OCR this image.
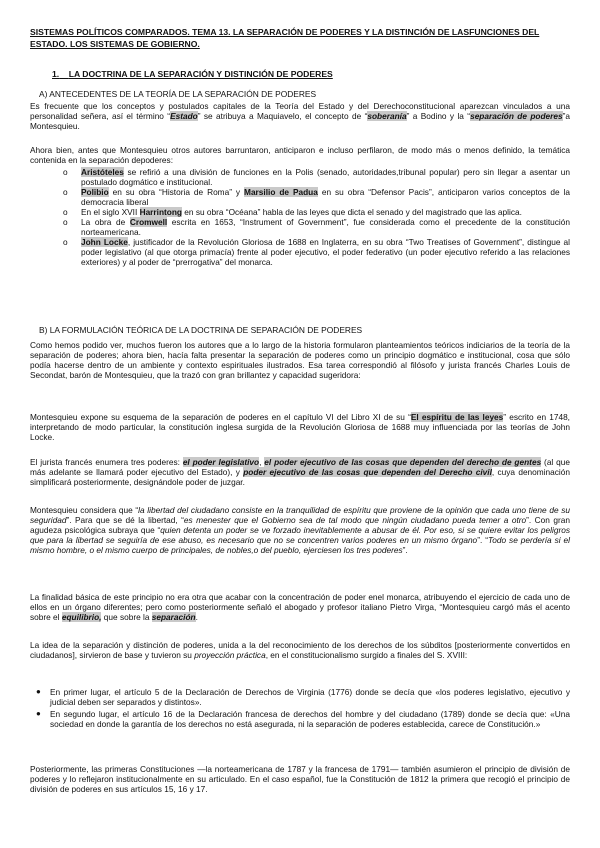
SISTEMAS POLÍTICOS COMPARADOS. TEMA 13. LA SEPARACIÓN DE PODERES Y LA DISTINCIÓN DE LASFUNCIONES DEL ESTADO. LOS SISTEMAS DE GOBIERNO.

1. LA DOCTRINA DE LA SEPARACIÓN Y DISTINCIÓN DE PODERES

A) ANTECEDENTES DE LA TEORÍA DE LA SEPARACIÓN DE PODERES

Es frecuente que los conceptos y postulados capitales de la Teoría del Estado y del Derechoconstitucional aparezcan vinculados a una personalidad señera, así el término “Estado” se atribuya a Maquiavelo, el concepto de “soberanía” a Bodino y la “separación de poderes”a Montesquieu.

Ahora bien, antes que Montesquieu otros autores barruntaron, anticiparon e incluso perfilaron, de modo más o menos definido, la temática contenida en la separación depoderes:

o Aristóteles se refirió a una división de funciones en la Polis (senado, autoridades,tribunal popular) pero sin llegar a asentar un postulado dogmático e institucional.
o Polibio en su obra “Historia de Roma” y Marsilio de Padua en su obra “Defensor Pacis”, anticiparon varios conceptos de la democracia liberal
o En el siglo XVII Harrintong en su obra “Océana” habla de las leyes que dicta el senado y del magistrado que las aplica.
o La obra de Cromwell escrita en 1653, “Instrument of Government”, fue considerada como el precedente de la constitución norteamericana.
o John Locke, justificador de la Revolución Gloriosa de 1688 en Inglaterra, en su obra “Two Treatises of Government”, distingue al poder legislativo (al que otorga primacía) frente al poder ejecutivo, el poder federativo (un poder ejecutivo referido a las relaciones exteriores) y al poder de “prerrogativa” del monarca.

B) LA FORMULACIÓN TEÓRICA DE LA DOCTRINA DE SEPARACIÓN DE PODERES

Como hemos podido ver, muchos fueron los autores que a lo largo de la historia formularon planteamientos teóricos indiciarios de la teoría de la separación de poderes; ahora bien, hacía falta presentar la separación de poderes como un principio dogmático e institucional, cosa que sólo podía hacerse dentro de un ambiente y contexto espirituales ilustrados. Esa tarea correspondió al filósofo y jurista francés Charles Louis de Secondat, barón de Montesquieu, que la trazó con gran brillantez y capacidad sugeridora:

Montesquieu expone su esquema de la separación de poderes en el capítulo VI del Libro XI de su “El espíritu de las leyes” escrito en 1748, interpretando de modo particular, la constitución inglesa surgida de la Revolución Gloriosa de 1688 muy influenciada por las teorías de John Locke.

El jurista francés enumera tres poderes: el poder legislativo, el poder ejecutivo de las cosas que dependen del derecho de gentes (al que más adelante se llamará poder ejecutivo del Estado), y poder ejecutivo de las cosas que dependen del Derecho civil, cuya denominación simplificará posteriormente, designándole poder de juzgar.

Montesquieu considera que “la libertad del ciudadano consiste en la tranquilidad de espíritu que proviene de la opinión que cada uno tiene de su seguridad”. Para que se dé la libertad, “es menester que el Gobierno sea de tal modo que ningún ciudadano pueda temer a otro”. Con gran agudeza psicológica subraya que “quien detenta un poder se ve forzado inevitablemente a abusar de él. Por eso, si se quiere evitar los peligros que para la libertad se seguiría de ese abuso, es necesario que no se concentren varios poderes en un mismo órgano”. “Todo se perdería si el mismo hombre, o el mismo cuerpo de principales, de nobles,o del pueblo, ejerciesen los tres poderes”.

La finalidad básica de este principio no era otra que acabar con la concentración de poder enel monarca, atribuyendo el ejercicio de cada uno de ellos en un órgano diferentes; pero como posteriormente señaló el abogado y profesor italiano Pietro Virga, “Montesquieu cargó más el acento sobre el equilibrio, que sobre la separación.

La idea de la separación y distinción de poderes, unida a la del reconocimiento de los derechos de los súbditos [posteriormente convertidos en ciudadanos], sirvieron de base y tuvieron su proyección práctica, en el constitucionalismo surgido a finales del S. XVIII:

● En primer lugar, el artículo 5 de la Declaración de Derechos de Virginia (1776) donde se decía que «los poderes legislativo, ejecutivo y judicial deben ser separados y distintos».
● En segundo lugar, el artículo 16 de la Declaración francesa de derechos del hombre y del ciudadano (1789) donde se decía que: «Una sociedad en donde la garantía de los derechos no está asegurada, ni la separación de poderes establecida, carece de Constitución.»

Posteriormente, las primeras Constituciones —la norteamericana de 1787 y la francesa de 1791— también asumieron el principio de división de poderes y lo reflejaron institucionalmente en su articulado. En el caso español, fue la Constitución de 1812 la primera que recogió el principio de división de poderes en sus artículos 15, 16 y 17.
